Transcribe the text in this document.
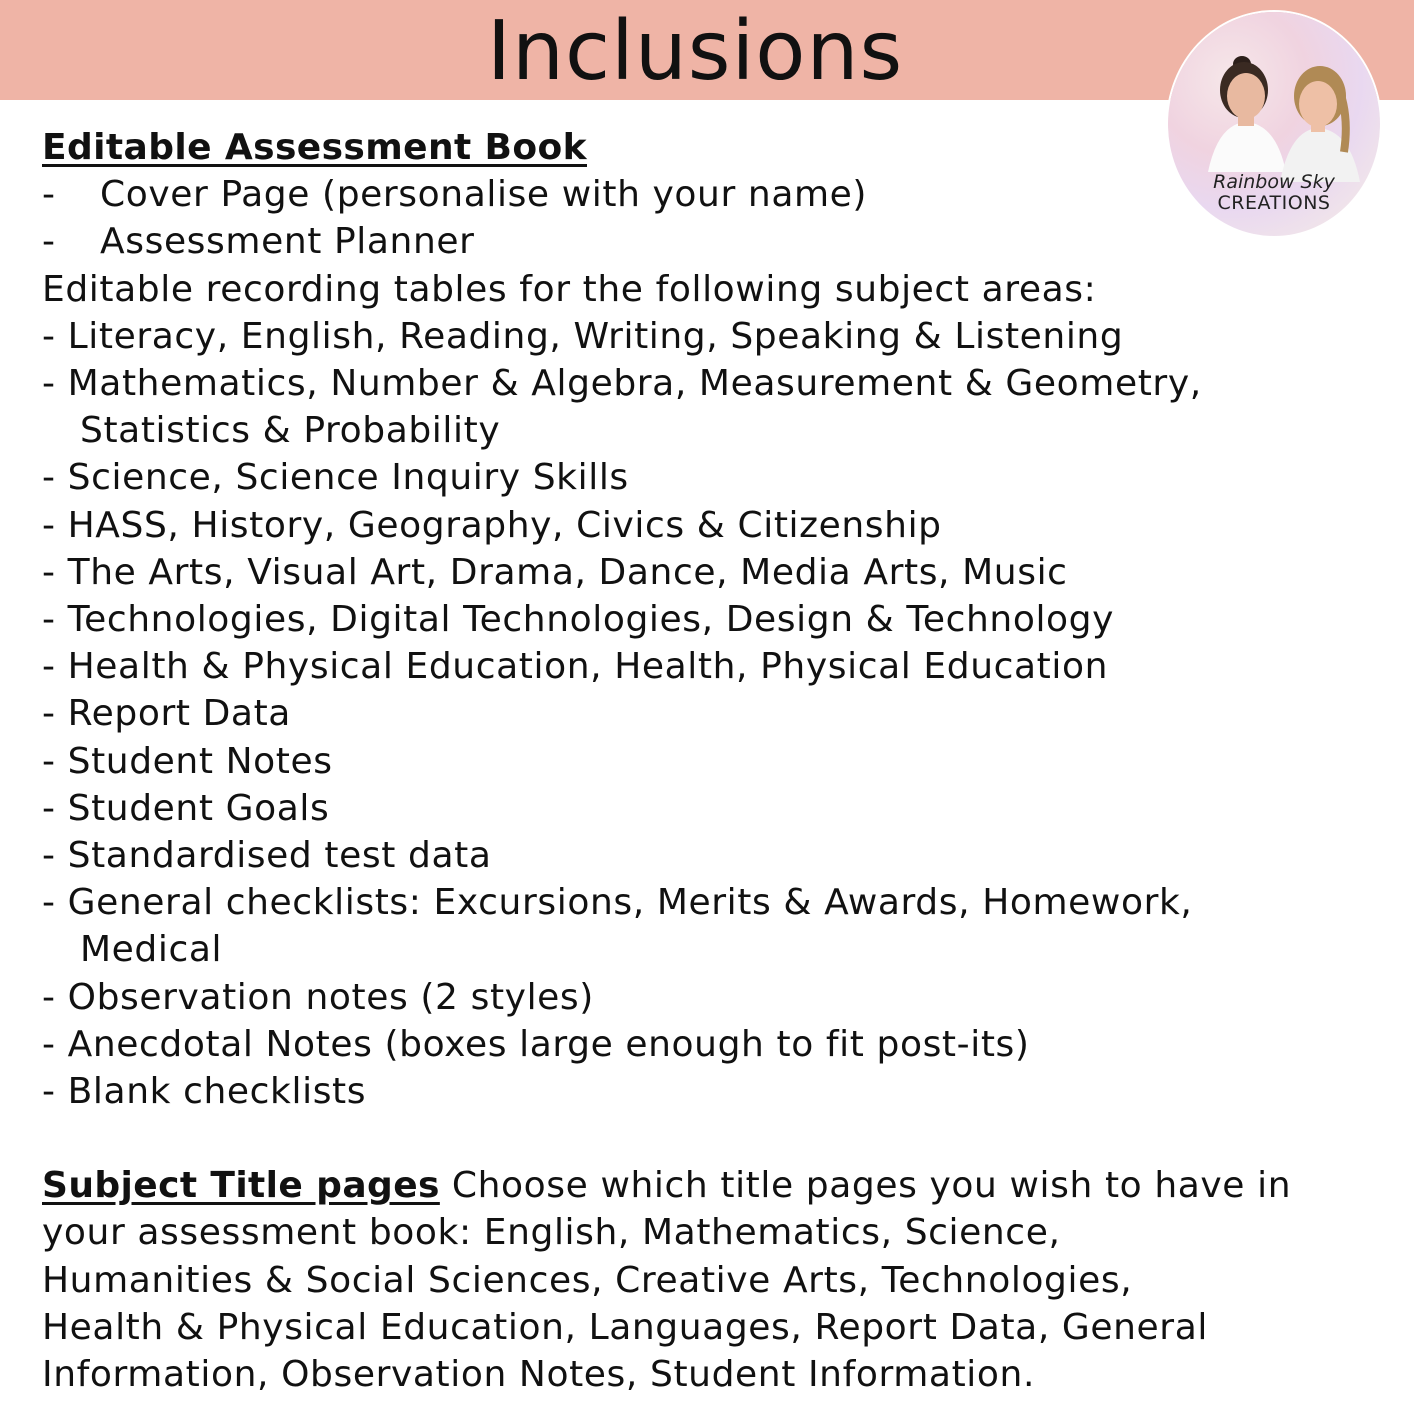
Inclusions
Rainbow Sky
CREATIONS
Editable Assessment Book
- Cover Page (personalise with your name)
- Assessment Planner
Editable recording tables for the following subject areas:
- Literacy, English, Reading, Writing, Speaking & Listening
- Mathematics, Number & Algebra, Measurement & Geometry,
Statistics & Probability
- Science, Science Inquiry Skills
- HASS, History, Geography, Civics & Citizenship
- The Arts, Visual Art, Drama, Dance, Media Arts, Music
- Technologies, Digital Technologies, Design & Technology
- Health & Physical Education, Health, Physical Education
- Report Data
- Student Notes
- Student Goals
- Standardised test data
- General checklists: Excursions, Merits & Awards, Homework,
Medical
- Observation notes (2 styles)
- Anecdotal Notes (boxes large enough to fit post-its)
- Blank checklists
Subject Title pages Choose which title pages you wish to have in
your assessment book: English, Mathematics, Science,
Humanities & Social Sciences, Creative Arts, Technologies,
Health & Physical Education, Languages, Report Data, General
Information, Observation Notes, Student Information.
